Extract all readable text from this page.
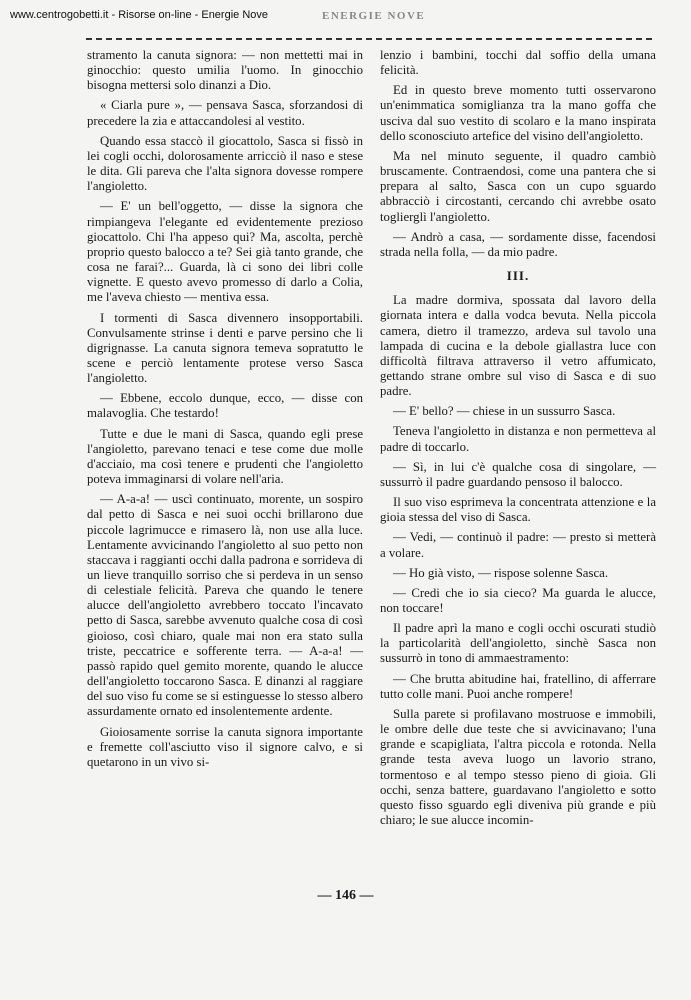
www.centrogobetti.it - Risorse on-line - Energie Nove	ENERGIE NOVE

stramento la canuta signora: — non mettetti mai in ginocchio: questo umilia l'uomo. In ginocchio bisogna mettersi solo dinanzi a Dio.

« Ciarla pure », — pensava Sasca, sforzandosi di precedere la zia e attaccandolesi al vestito.

Quando essa staccò il giocattolo, Sasca si fissò in lei cogli occhi, dolorosamente arricciò il naso e stese le dita. Gli pareva che l'alta signora dovesse rompere l'angioletto.

— E' un bell'oggetto, — disse la signora che rimpiangeva l'elegante ed evidentemente prezioso giocattolo. Chi l'ha appeso qui? Ma, ascolta, perchè proprio questo balocco a te? Sei già tanto grande, che cosa ne farai?... Guarda, là ci sono dei libri colle vignette. E questo avevo promesso di darlo a Colia, me l'aveva chiesto — mentiva essa.

I tormenti di Sasca divennero insopportabili. Convulsamente strinse i denti e parve persino che li digrignasse. La canuta signora temeva sopratutto le scene e perciò lentamente protese verso Sasca l'angioletto.

— Ebbene, eccolo dunque, ecco, — disse con malavoglia. Che testardo!

Tutte e due le mani di Sasca, quando egli prese l'angioletto, parevano tenaci e tese come due molle d'acciaio, ma così tenere e prudenti che l'angioletto poteva immaginarsi di volare nell'aria.

— A-a-a! — uscì continuato, morente, un sospiro dal petto di Sasca e nei suoi occhi brillarono due piccole lagrimucce e rimasero là, non use alla luce. Lentamente avvicinando l'angioletto al suo petto non staccava i raggianti occhi dalla padrona e sorrideva di un lieve tranquillo sorriso che si perdeva in un senso di celestiale felicità. Pareva che quando le tenere alucce dell'angioletto avrebbero toccato l'incavato petto di Sasca, sarebbe avvenuto qualche cosa di così gioioso, così chiaro, quale mai non era stato sulla triste, peccatrice e sofferente terra. — A-a-a! — passò rapido quel gemito morente, quando le alucce dell'angioletto toccarono Sasca. E dinanzi al raggiare del suo viso fu come se si estinguesse lo stesso albero assurdamente ornato ed insolentemente ardente.

Gioiosamente sorrise la canuta signora importante e fremette coll'asciutto viso il signore calvo, e si quetarono in un vivo si-

lenzio i bambini, tocchi dal soffio della umana felicità.

Ed in questo breve momento tutti osservarono un'enimmatica somiglianza tra la mano goffa che usciva dal suo vestito di scolaro e la mano inspirata dello sconosciuto artefice del visino dell'angioletto.

Ma nel minuto seguente, il quadro cambiò bruscamente. Contraendosi, come una pantera che si prepara al salto, Sasca con un cupo sguardo abbracciò i circostanti, cercando chi avrebbe osato toglierglì l'angioletto.

— Andrò a casa, — sordamente disse, facendosi strada nella folla, — da mio padre.

III.

La madre dormiva, spossata dal lavoro della giornata intera e dalla vodca bevuta. Nella piccola camera, dietro il tramezzo, ardeva sul tavolo una lampada di cucina e la debole giallastra luce con difficoltà filtrava attraverso il vetro affumicato, gettando strane ombre sul viso di Sasca e di suo padre.

— E' bello? — chiese in un sussurro Sasca.

Teneva l'angioletto in distanza e non permetteva al padre di toccarlo.

— Sì, in lui c'è qualche cosa di singolare, — sussurrò il padre guardando pensoso il balocco.

Il suo viso esprimeva la concentrata attenzione e la gioia stessa del viso di Sasca.

— Vedi, — continuò il padre: — presto si metterà a volare.

— Ho già visto, — rispose solenne Sasca.

— Credi che io sia cieco? Ma guarda le alucce, non toccare!

Il padre aprì la mano e cogli occhi oscurati studiò la particolarità dell'angioletto, sinchè Sasca non sussurrò in tono di ammaestramento:

— Che brutta abitudine hai, fratellino, di afferrare tutto colle mani. Puoi anche rompere!

Sulla parete si profilavano mostruose e immobili, le ombre delle due teste che si avvicinavano; l'una grande e scapigliata, l'altra piccola e rotonda. Nella grande testa aveva luogo un lavorio strano, tormentoso e al tempo stesso pieno di gioia. Gli occhi, senza battere, guardavano l'angioletto e sotto questo fisso sguardo egli diveniva più grande e più chiaro; le sue alucce incomin-

— 146 —
